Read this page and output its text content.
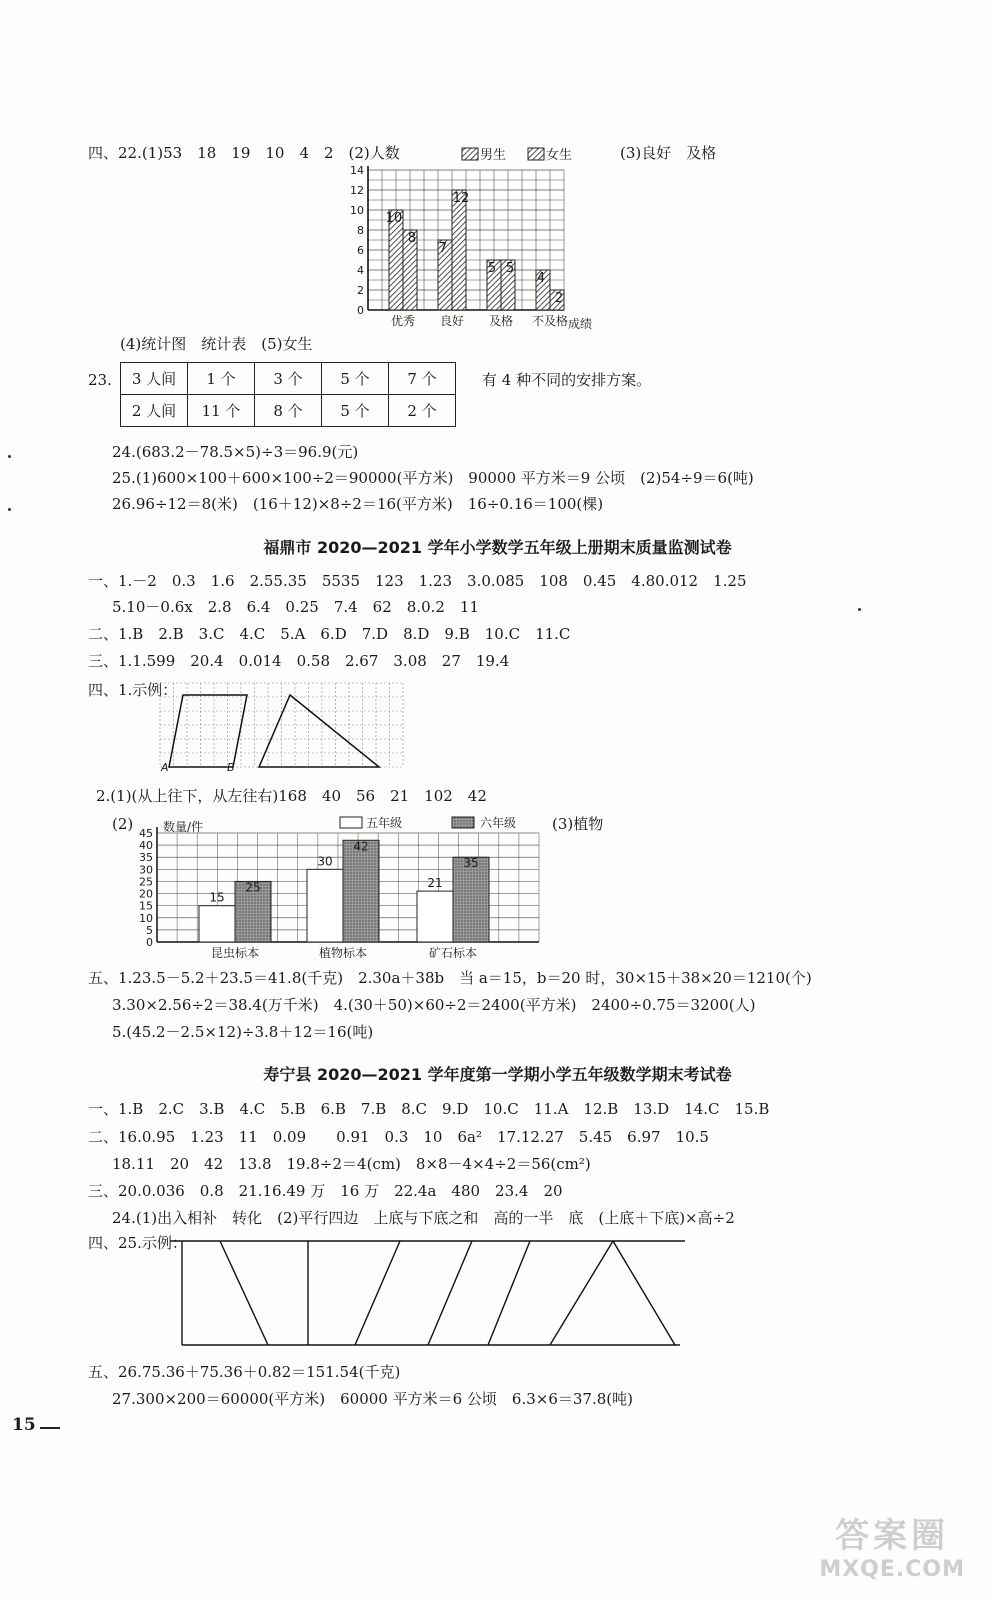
四、22.(1)53　18　19　10　4　2　(2)人数	(3)良好　及格
0
2
4
6
8
10
12
14
10
8
优秀
7
12
良好
5 5
及格
4
2
不及格 成绩
男生	女生
(4)统计图　统计表　(5)女生
23. 3 人间	1 个	3 个	5 个	7 个
2 人间	11 个	8 个	5 个	2 个
有 4 种不同的安排方案。
24.(683.2－78.5×5)÷3＝96.9(元)
25.(1)600×100＋600×100÷2＝90000(平方米)　90000 平方米＝9 公顷　(2)54÷9＝6(吨)
26.96÷12＝8(米)　(16＋12)×8÷2＝16(平方米)　16÷0.16＝100(棵)
福鼎市 2020—2021 学年小学数学五年级上册期末质量监测试卷
一、1.－2　0.3　1.6　2.55.35　5535　123　1.23　3.0.085　108　0.45　4.80.012　1.25
5.10－0.6x　2.8　6.4　0.25　7.4　62　8.0.2　11
二、1.B　2.B　3.C　4.C　5.A　6.D　7.D　8.D　9.B　10.C　11.C
三、1.1.599　20.4　0.014　0.58　2.67　3.08　27　19.4
四、1.示例：
A	B
2.(1)(从上往下，从左往右)168　40　56　21　102　42
(2)	(3)植物
五年级	六年级
0
5
10
15
20
25
30
35
40
45
15
25
昆虫标本
30
42
植物标本
21
35
矿石标本
数量/件
五、1.23.5－5.2＋23.5＝41.8(千克)　2.30a＋38b　当 a＝15，b＝20 时，30×15＋38×20＝1210(个)
3.30×2.56÷2＝38.4(万千米)　4.(30＋50)×60÷2＝2400(平方米)　2400÷0.75＝3200(人)
5.(45.2－2.5×12)÷3.8＋12＝16(吨)
寿宁县 2020—2021 学年度第一学期小学五年级数学期末考试卷
一、1.B　2.C　3.B　4.C　5.B　6.B　7.B　8.C　9.D　10.C　11.A　12.B　13.D　14.C　15.B
二、16.0.95　1.23　11　0.09　　0.91　0.3　10　6a²　17.12.27　5.45　6.97　10.5
18.11　20　42　13.8　19.8÷2＝4(cm)　8×8－4×4÷2＝56(cm²)
三、20.0.036　0.8　21.16.49 万　16 万　22.4a　480　23.4　20
24.(1)出入相补　转化　(2)平行四边　上底与下底之和　高的一半　底　(上底＋下底)×高÷2
四、25.示例：
五、26.75.36＋75.36＋0.82＝151.54(千克)
27.300×200＝60000(平方米)　60000 平方米＝6 公顷　6.3×6＝37.8(吨)
15
答案圈
MXQE.COM
